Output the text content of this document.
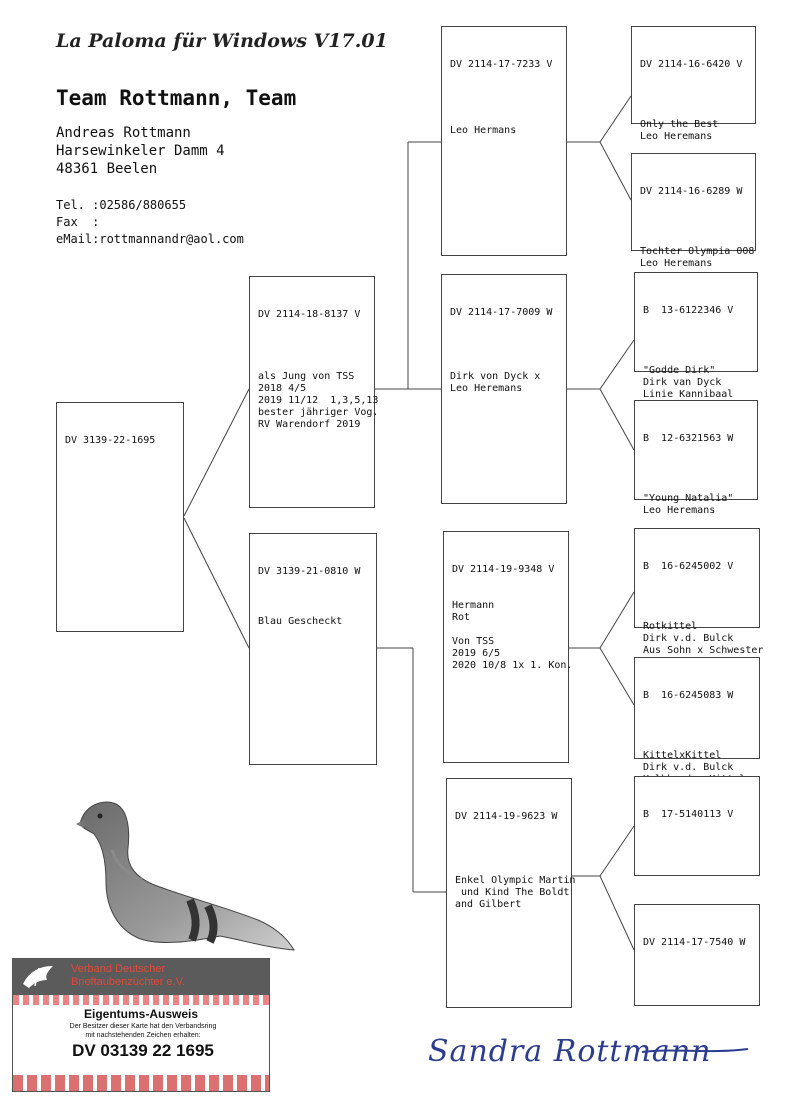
La Paloma für Windows V17.01
Team Rottmann, Team
Andreas Rottmann
Harsewinkeler Damm 4
48361 Beelen
Tel. :02586/880655
Fax  :
eMail:rottmannandr@aol.com

DV 3139-22-1695

DV 2114-18-8137 V

als Jung von TSS
2018 4/5
2019 11/12  1,3,5,13
bester jähriger Vog.
RV Warendorf 2019

DV 3139-21-0810 W

Blau Gescheckt

DV 2114-17-7233 V

Leo Hermans

DV 2114-17-7009 W

Dirk von Dyck x
Leo Heremans

DV 2114-19-9348 V

Hermann
Rot

Von TSS
2019 6/5
2020 10/8 1x 1. Kon.

DV 2114-19-9623 W

Enkel Olympic Martin
und Kind The Boldt
and Gilbert

DV 2114-16-6420 V

Only the Best
Leo Heremans

DV 2114-16-6289 W

Tochter Olympia 008
Leo Heremans

B  13-6122346 V

"Godde Dirk"
Dirk van Dyck
Linie Kannibaal

B  12-6321563 W

"Young Natalia"
Leo Heremans

B  16-6245002 V

Rotkittel
Dirk v.d. Bulck
Aus Sohn x Schwester

B  16-6245083 W

KittelxKittel
Dirk v.d. Bulck

B  17-5140113 V

DV 2114-17-7540 W

Verband Deutscher
Brieftaubenzüchter e.V.
Eigentums-Ausweis
Der Besitzer dieser Karte hat den Verbandsring
mit nachstehenden Zeichen erhalten:
DV 03139 22 1695	Sandra Rottmann
